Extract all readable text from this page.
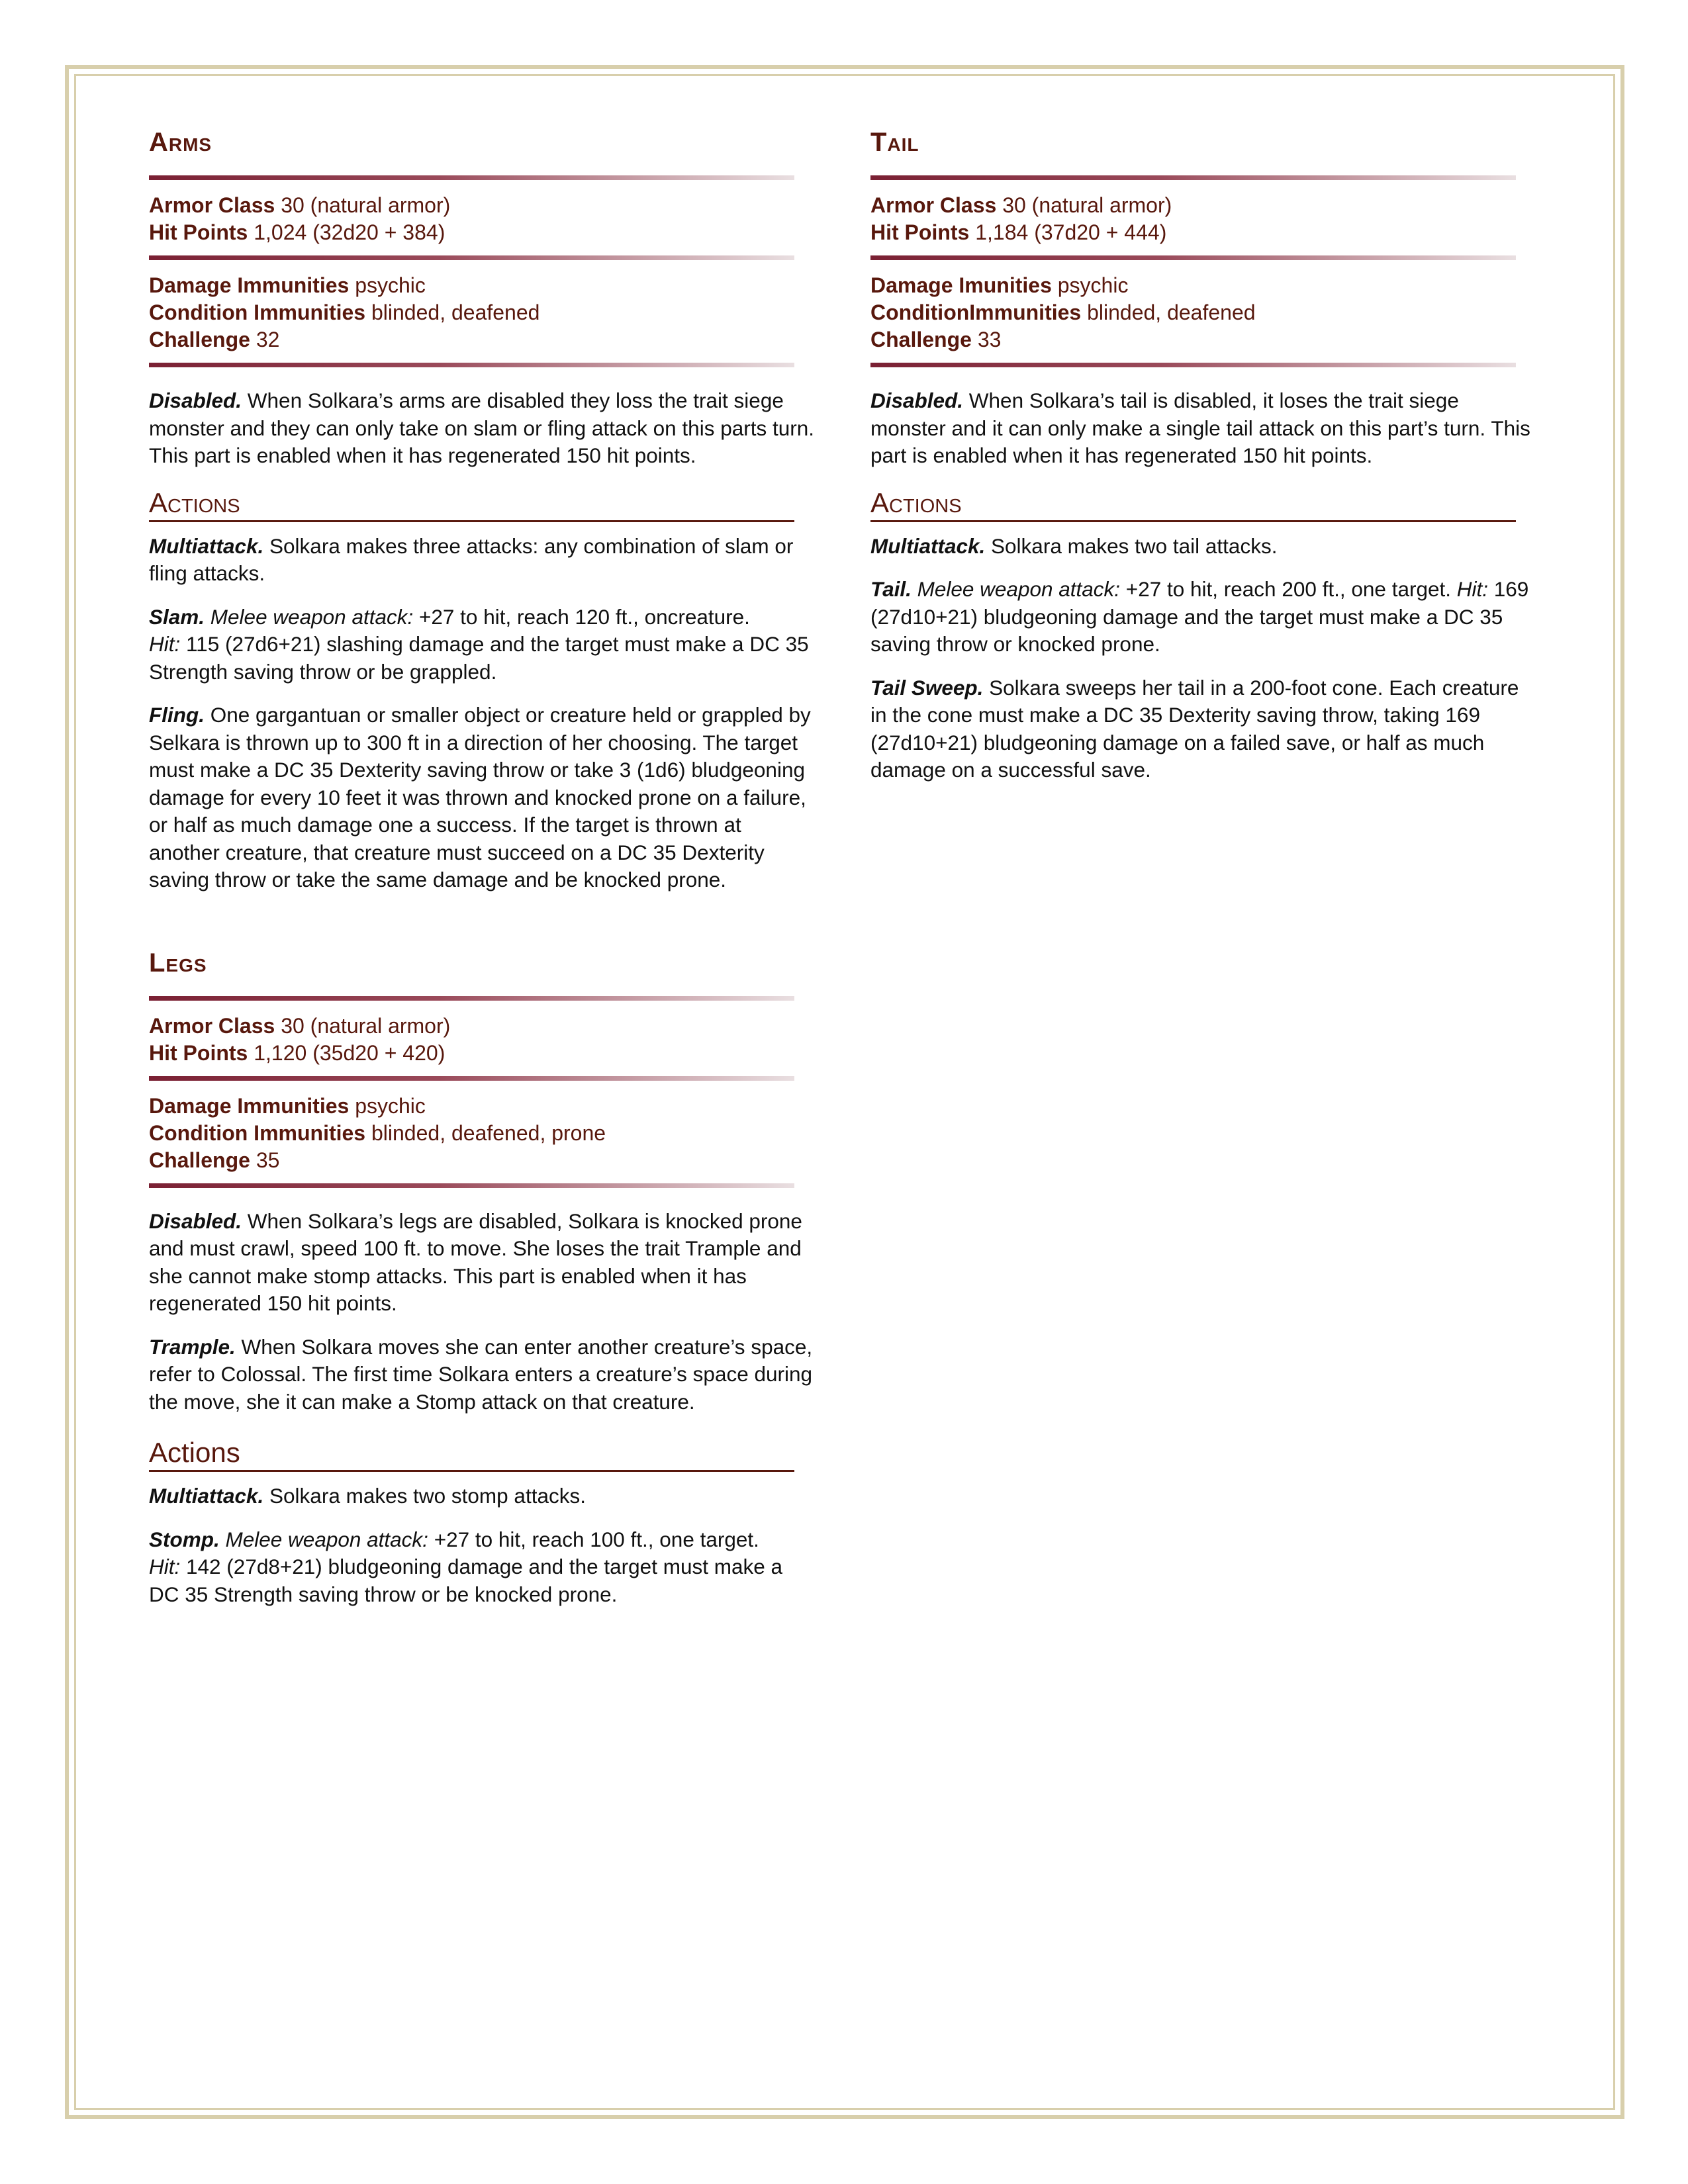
Arms
Armor Class 30 (natural armor)
Hit Points 1,024 (32d20 + 384)
Damage Immunities psychic
Condition Immunities blinded, deafened
Challenge 32

Disabled. When Solkara’s arms are disabled they loss the trait siege monster and they can only take on slam or fling attack on this parts turn. This part is enabled when it has regenerated 150 hit points.

Actions

Multiattack. Solkara makes three attacks: any combination of slam or fling attacks.

Slam. Melee weapon attack: +27 to hit, reach 120 ft., oncreature.
Hit: 115 (27d6+21) slashing damage and the target must make a DC 35 Strength saving throw or be grappled.

Fling. One gargantuan or smaller object or creature held or grappled by Selkara is thrown up to 300 ft in a direction of her choosing. The target must make a DC 35 Dexterity saving throw or take 3 (1d6) bludgeoning damage for every 10 feet it was thrown and knocked prone on a failure, or half as much damage one a success. If the target is thrown at another creature, that creature must succeed on a DC 35 Dexterity saving throw or take the same damage and be knocked prone.

Legs
Armor Class 30 (natural armor)
Hit Points 1,120 (35d20 + 420)
Damage Immunities psychic
Condition Immunities blinded, deafened, prone
Challenge 35

Disabled. When Solkara’s legs are disabled, Solkara is knocked prone and must crawl, speed 100 ft. to move. She loses the trait Trample and she cannot make stomp attacks. This part is enabled when it has regenerated 150 hit points.

Trample. When Solkara moves she can enter another creature’s space, refer to Colossal. The first time Solkara enters a creature’s space during the move, she it can make a Stomp attack on that creature.

Actions

Multiattack. Solkara makes two stomp attacks.

Stomp. Melee weapon attack: +27 to hit, reach 100 ft., one target.
Hit: 142 (27d8+21) bludgeoning damage and the target must make a DC 35 Strength saving throw or be knocked prone.

Tail
Armor Class 30 (natural armor)
Hit Points 1,184 (37d20 + 444)
Damage Imunities psychic
ConditionImmunities blinded, deafened
Challenge 33

Disabled. When Solkara’s tail is disabled, it loses the trait siege monster and it can only make a single tail attack on this part’s turn. This part is enabled when it has regenerated 150 hit points.

Actions

Multiattack. Solkara makes two tail attacks.

Tail. Melee weapon attack: +27 to hit, reach 200 ft., one target. Hit: 169 (27d10+21) bludgeoning damage and the target must make a DC 35 saving throw or knocked prone.

Tail Sweep. Solkara sweeps her tail in a 200-foot cone. Each creature in the cone must make a DC 35 Dexterity saving throw, taking 169 (27d10+21) bludgeoning damage on a failed save, or half as much damage on a successful save.
